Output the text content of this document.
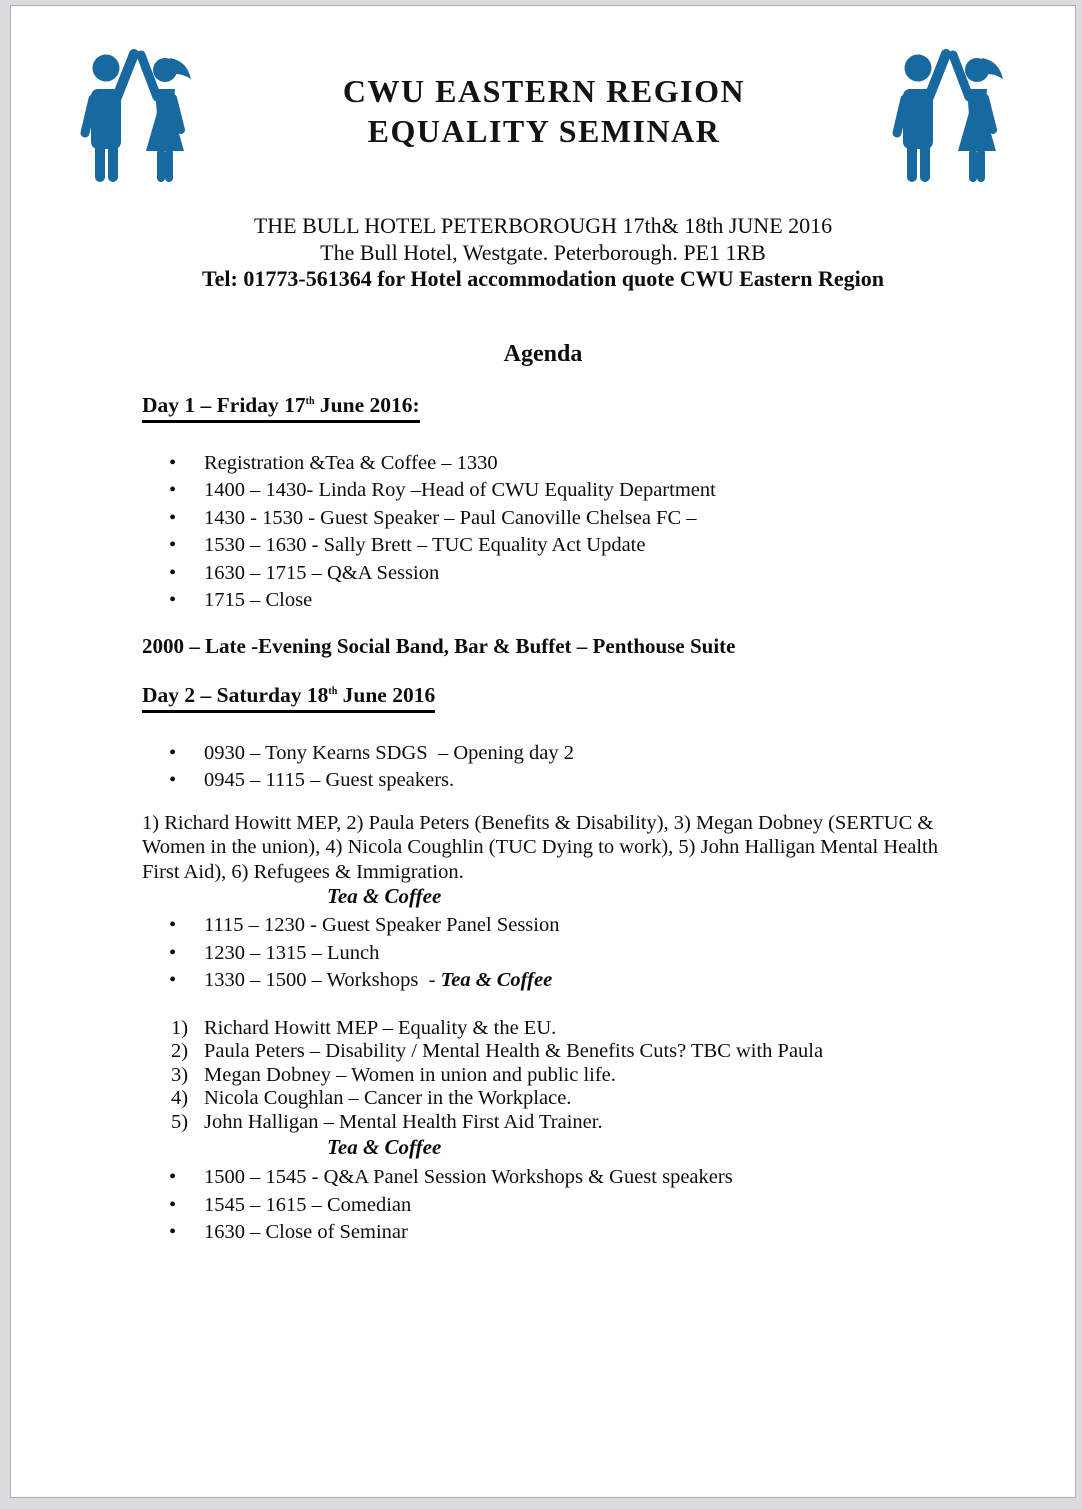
CWU EASTERN REGION
EQUALITY SEMINAR
THE BULL HOTEL PETERBOROUGH 17th& 18th JUNE 2016
The Bull Hotel, Westgate. Peterborough. PE1 1RB
Tel: 01773-561364 for Hotel accommodation quote CWU Eastern Region
Agenda
Day 1 – Friday 17th June 2016:
• Registration &Tea & Coffee – 1330
• 1400 – 1430- Linda Roy –Head of CWU Equality Department
• 1430 - 1530 - Guest Speaker – Paul Canoville Chelsea FC –
• 1530 – 1630 - Sally Brett – TUC Equality Act Update
• 1630 – 1715 – Q&A Session
• 1715 – Close

2000 – Late -Evening Social Band, Bar & Buffet – Penthouse Suite

Day 2 – Saturday 18th June 2016
• 0930 – Tony Kearns SDGS  – Opening day 2
• 0945 – 1115 – Guest speakers.

1) Richard Howitt MEP, 2) Paula Peters (Benefits & Disability), 3) Megan Dobney (SERTUC & Women in the union), 4) Nicola Coughlin (TUC Dying to work), 5) John Halligan Mental Health First Aid), 6) Refugees & Immigration.

Tea & Coffee

• 1115 – 1230 - Guest Speaker Panel Session
• 1230 – 1315 – Lunch
• 1330 – 1500 – Workshops  - Tea & Coffee
1) Richard Howitt MEP – Equality & the EU.
2) Paula Peters – Disability / Mental Health & Benefits Cuts? TBC with Paula
3) Megan Dobney – Women in union and public life.
4) Nicola Coughlan – Cancer in the Workplace.
5) John Halligan – Mental Health First Aid Trainer.

Tea & Coffee

• 1500 – 1545 - Q&A Panel Session Workshops & Guest speakers
• 1545 – 1615 – Comedian
• 1630 – Close of Seminar
